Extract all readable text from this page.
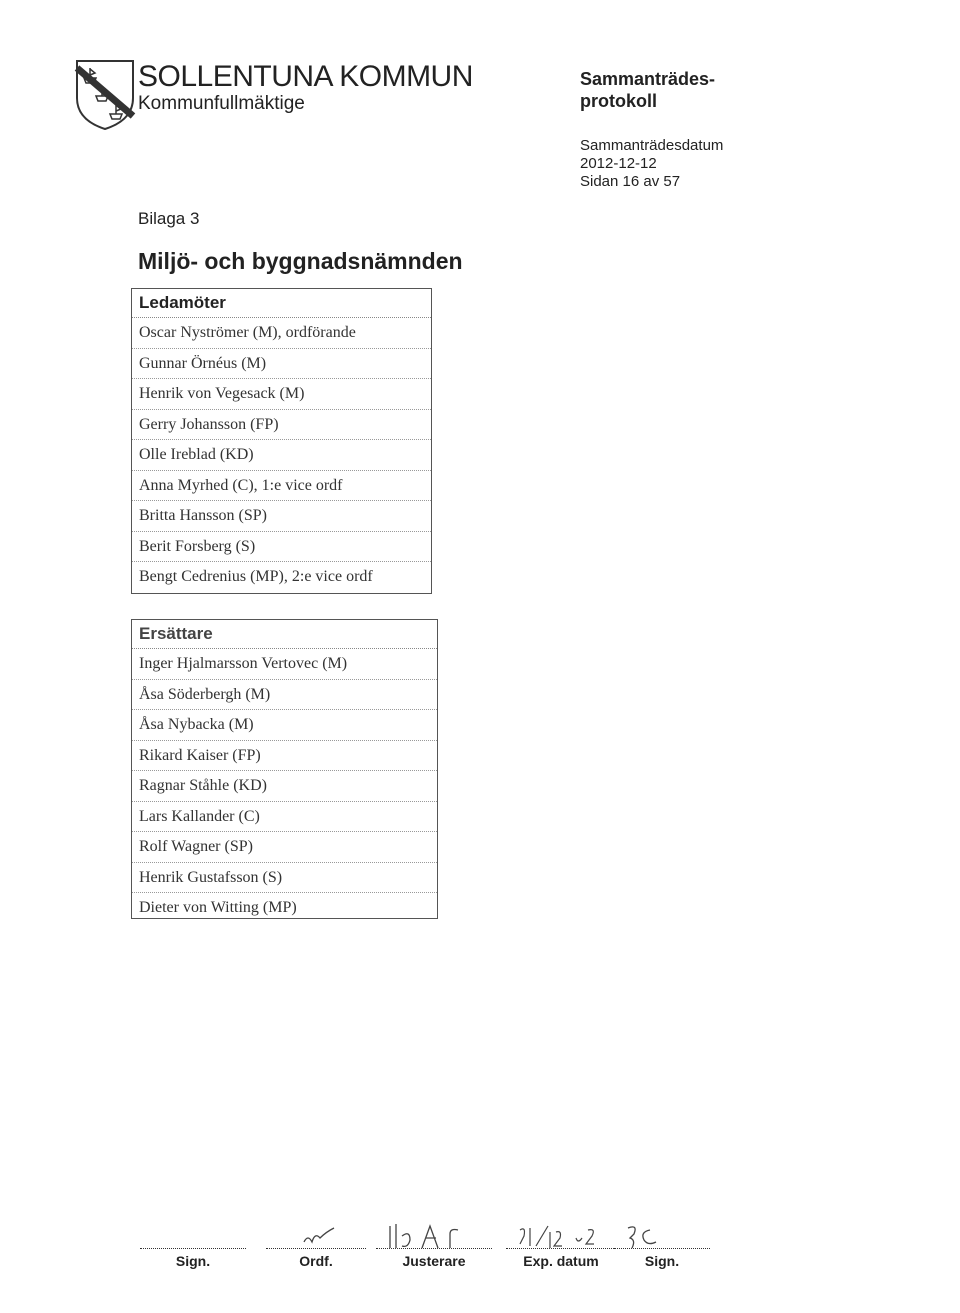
SOLLENTUNA KOMMUN
Kommunfullmäktige
Sammanträdes-
protokoll
Sammanträdesdatum
2012-12-12
Sidan 16 av 57
Bilaga 3
Miljö- och byggnadsnämnden
Ledamöter
Oscar Nyströmer (M), ordförande
Gunnar Örnéus (M)
Henrik von Vegesack (M)
Gerry Johansson (FP)
Olle Ireblad (KD)
Anna Myrhed (C), 1:e vice ordf
Britta Hansson (SP)
Berit Forsberg (S)
Bengt Cedrenius (MP), 2:e vice ordf
Ersättare
Inger Hjalmarsson Vertovec (M)
Åsa Söderbergh (M)
Åsa Nybacka (M)
Rikard Kaiser (FP)
Ragnar Ståhle (KD)
Lars Kallander (C)
Rolf Wagner (SP)
Henrik Gustafsson (S)
Dieter von Witting (MP)
Sign.	Ordf.	Justerare	Exp. datum	Sign.
